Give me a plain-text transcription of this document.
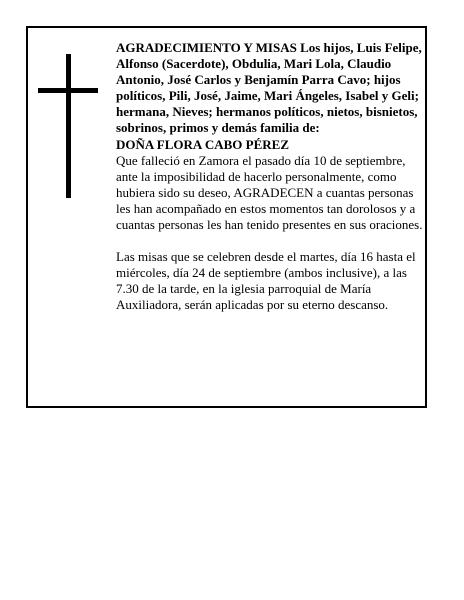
AGRADECIMIENTO Y MISAS Los hijos, Luis Felipe, Alfonso (Sacerdote), Obdulia, Mari Lola, Claudio Antonio, José Carlos y Benjamín Parra Cavo; hijos políticos, Pili, José, Jaime, Mari Ángeles, Isabel y Geli; hermana, Nieves; hermanos políticos, nietos, bisnietos, sobrinos, primos y demás familia de:

DOÑA FLORA CABO PÉREZ

Que falleció en Zamora el pasado día 10 de septiembre, ante la imposibilidad de hacerlo personalmente, como hubiera sido su deseo, AGRADECEN a cuantas personas les han acompañado en estos momentos tan dorolosos y a cuantas personas les han tenido presentes en sus oraciones.

Las misas que se celebren desde el martes, día 16 hasta el miércoles, día 24 de septiembre (ambos inclusive), a las 7.30 de la tarde, en la iglesia parroquial de María Auxiliadora, serán aplicadas por su eterno descanso.
